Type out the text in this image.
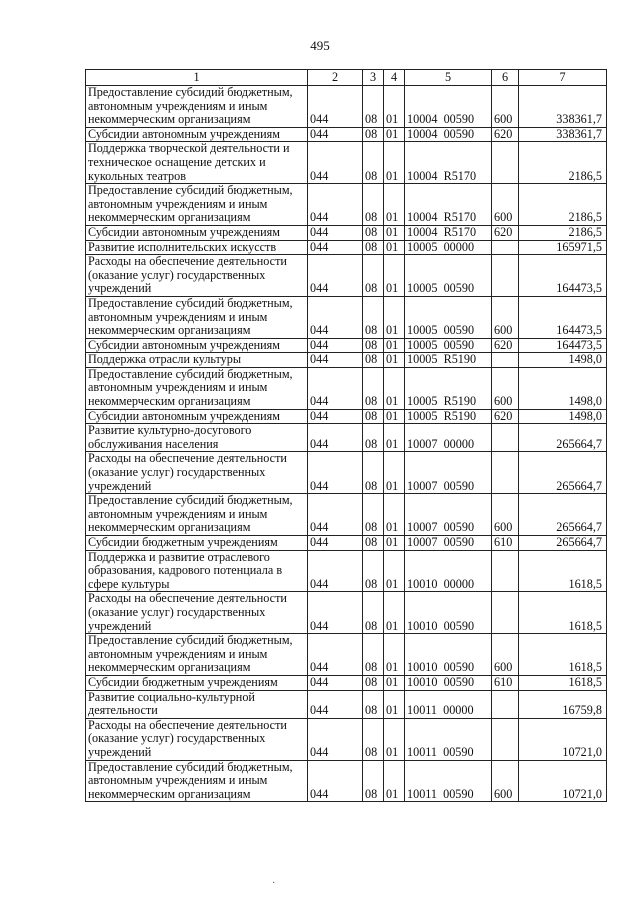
495
1	2	3	4	5	6	7
Предоставление субсидий бюджетным,
автономным учреждениям и иным
некоммерческим организациям	044	08	01	10004  00590	600	338361,7
Субсидии автономным учреждениям	044	08	01	10004  00590	620	338361,7
Поддержка творческой деятельности и
техническое оснащение детских и
кукольных театров	044	08	01	10004  R5170		2186,5
Предоставление субсидий бюджетным,
автономным учреждениям и иным
некоммерческим организациям	044	08	01	10004  R5170	600	2186,5
Субсидии автономным учреждениям	044	08	01	10004  R5170	620	2186,5
Развитие исполнительских искусств	044	08	01	10005  00000		165971,5
Расходы на обеспечение деятельности
(оказание услуг) государственных
учреждений	044	08	01	10005  00590		164473,5
Предоставление субсидий бюджетным,
автономным учреждениям и иным
некоммерческим организациям	044	08	01	10005  00590	600	164473,5
Субсидии автономным учреждениям	044	08	01	10005  00590	620	164473,5
Поддержка отрасли культуры	044	08	01	10005  R5190		1498,0
Предоставление субсидий бюджетным,
автономным учреждениям и иным
некоммерческим организациям	044	08	01	10005  R5190	600	1498,0
Субсидии автономным учреждениям	044	08	01	10005  R5190	620	1498,0
Развитие культурно-досугового
обслуживания населения	044	08	01	10007  00000		265664,7
Расходы на обеспечение деятельности
(оказание услуг) государственных
учреждений	044	08	01	10007  00590		265664,7
Предоставление субсидий бюджетным,
автономным учреждениям и иным
некоммерческим организациям	044	08	01	10007  00590	600	265664,7
Субсидии бюджетным учреждениям	044	08	01	10007  00590	610	265664,7
Поддержка и развитие отраслевого
образования, кадрового потенциала в
сфере культуры	044	08	01	10010  00000		1618,5
Расходы на обеспечение деятельности
(оказание услуг) государственных
учреждений	044	08	01	10010  00590		1618,5
Предоставление субсидий бюджетным,
автономным учреждениям и иным
некоммерческим организациям	044	08	01	10010  00590	600	1618,5
Субсидии бюджетным учреждениям	044	08	01	10010  00590	610	1618,5
Развитие социально-культурной
деятельности	044	08	01	10011  00000		16759,8
Расходы на обеспечение деятельности
(оказание услуг) государственных
учреждений	044	08	01	10011  00590		10721,0
Предоставление субсидий бюджетным,
автономным учреждениям и иным
некоммерческим организациям	044	08	01	10011  00590	600	10721,0
·
